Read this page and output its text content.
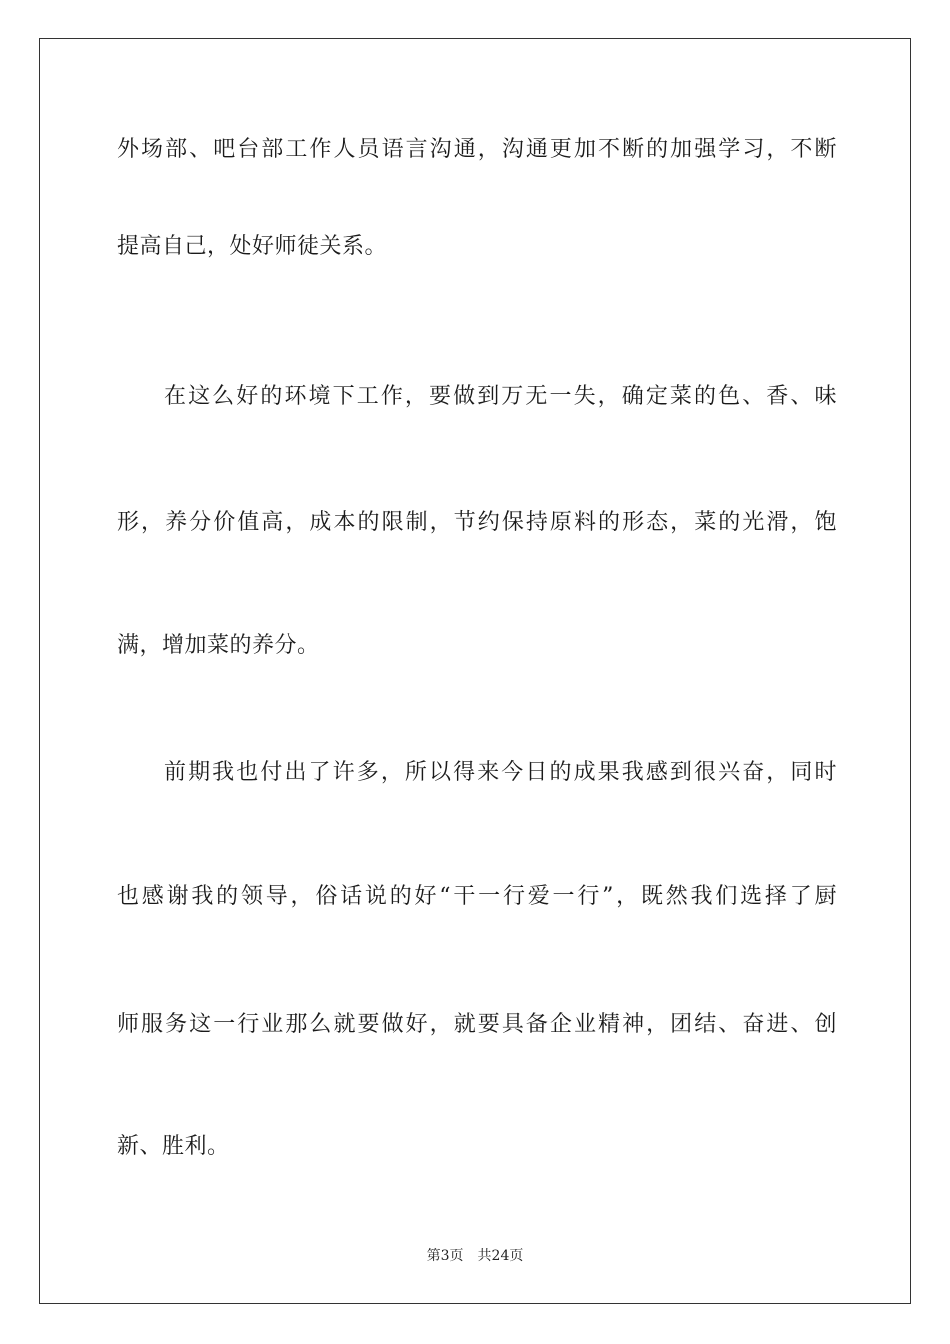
外场部、吧台部工作人员语言沟通，沟通更加不断的加强学习，不断
提高自己，处好师徒关系。
在这么好的环境下工作，要做到万无一失，确定菜的色、香、味
形，养分价值高，成本的限制，节约保持原料的形态，菜的光滑，饱
满，增加菜的养分。
前期我也付出了许多，所以得来今日的成果我感到很兴奋，同时
也感谢我的领导，俗话说的好“干一行爱一行”，既然我们选择了厨
师服务这一行业那么就要做好，就要具备企业精神，团结、奋进、创
新、胜利。
第3页 共24页
